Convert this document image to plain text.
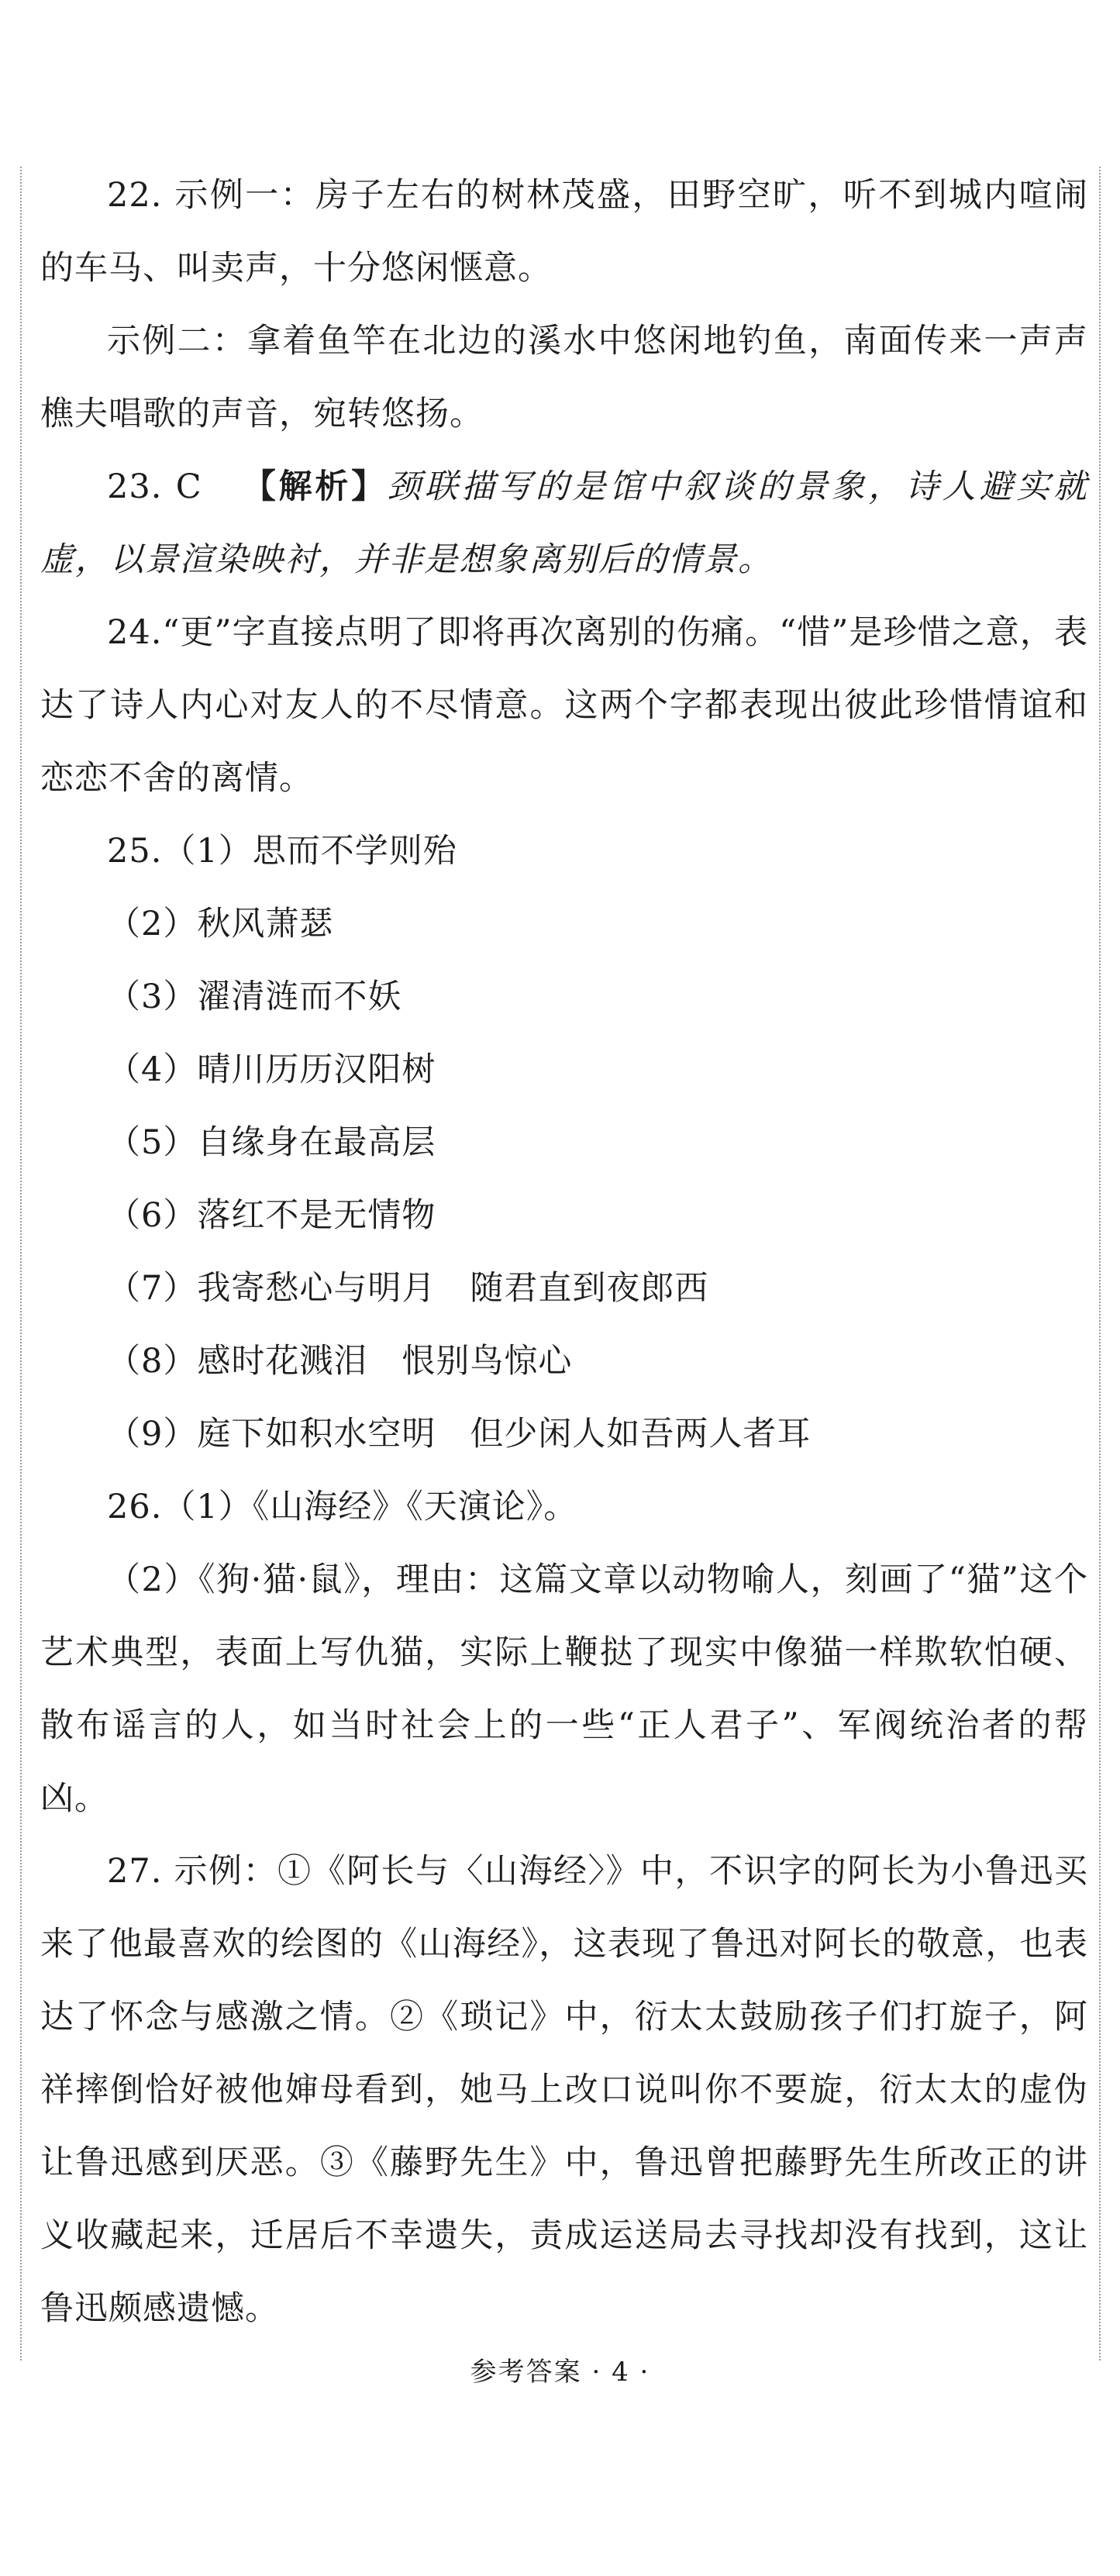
22. 示例一：房子左右的树林茂盛，田野空旷，听不到城内喧闹的车马、叫卖声，十分悠闲惬意。

示例二：拿着鱼竿在北边的溪水中悠闲地钓鱼，南面传来一声声樵夫唱歌的声音，宛转悠扬。

23. C 【解析】颈联描写的是馆中叙谈的景象，诗人避实就虚，以景渲染映衬，并非是想象离别后的情景。

24.“更”字直接点明了即将再次离别的伤痛。“惜”是珍惜之意，表达了诗人内心对友人的不尽情意。这两个字都表现出彼此珍惜情谊和恋恋不舍的离情。

25.（1）思而不学则殆

（2）秋风萧瑟

（3）濯清涟而不妖

（4）晴川历历汉阳树

（5）自缘身在最高层

（6）落红不是无情物

（7）我寄愁心与明月　随君直到夜郎西

（8）感时花溅泪　恨别鸟惊心

（9）庭下如积水空明　但少闲人如吾两人者耳

26.（1）《山海经》《天演论》。

（2）《狗·猫·鼠》，理由：这篇文章以动物喻人，刻画了“猫”这个艺术典型，表面上写仇猫，实际上鞭挞了现实中像猫一样欺软怕硬、散布谣言的人，如当时社会上的一些“正人君子”、军阀统治者的帮凶。

27. 示例：①《阿长与〈山海经〉》中，不识字的阿长为小鲁迅买来了他最喜欢的绘图的《山海经》，这表现了鲁迅对阿长的敬意，也表达了怀念与感激之情。②《琐记》中，衍太太鼓励孩子们打旋子，阿祥摔倒恰好被他婶母看到，她马上改口说叫你不要旋，衍太太的虚伪让鲁迅感到厌恶。③《藤野先生》中，鲁迅曾把藤野先生所改正的讲义收藏起来，迁居后不幸遗失，责成运送局去寻找却没有找到，这让鲁迅颇感遗憾。

参考答案 · 4 ·
